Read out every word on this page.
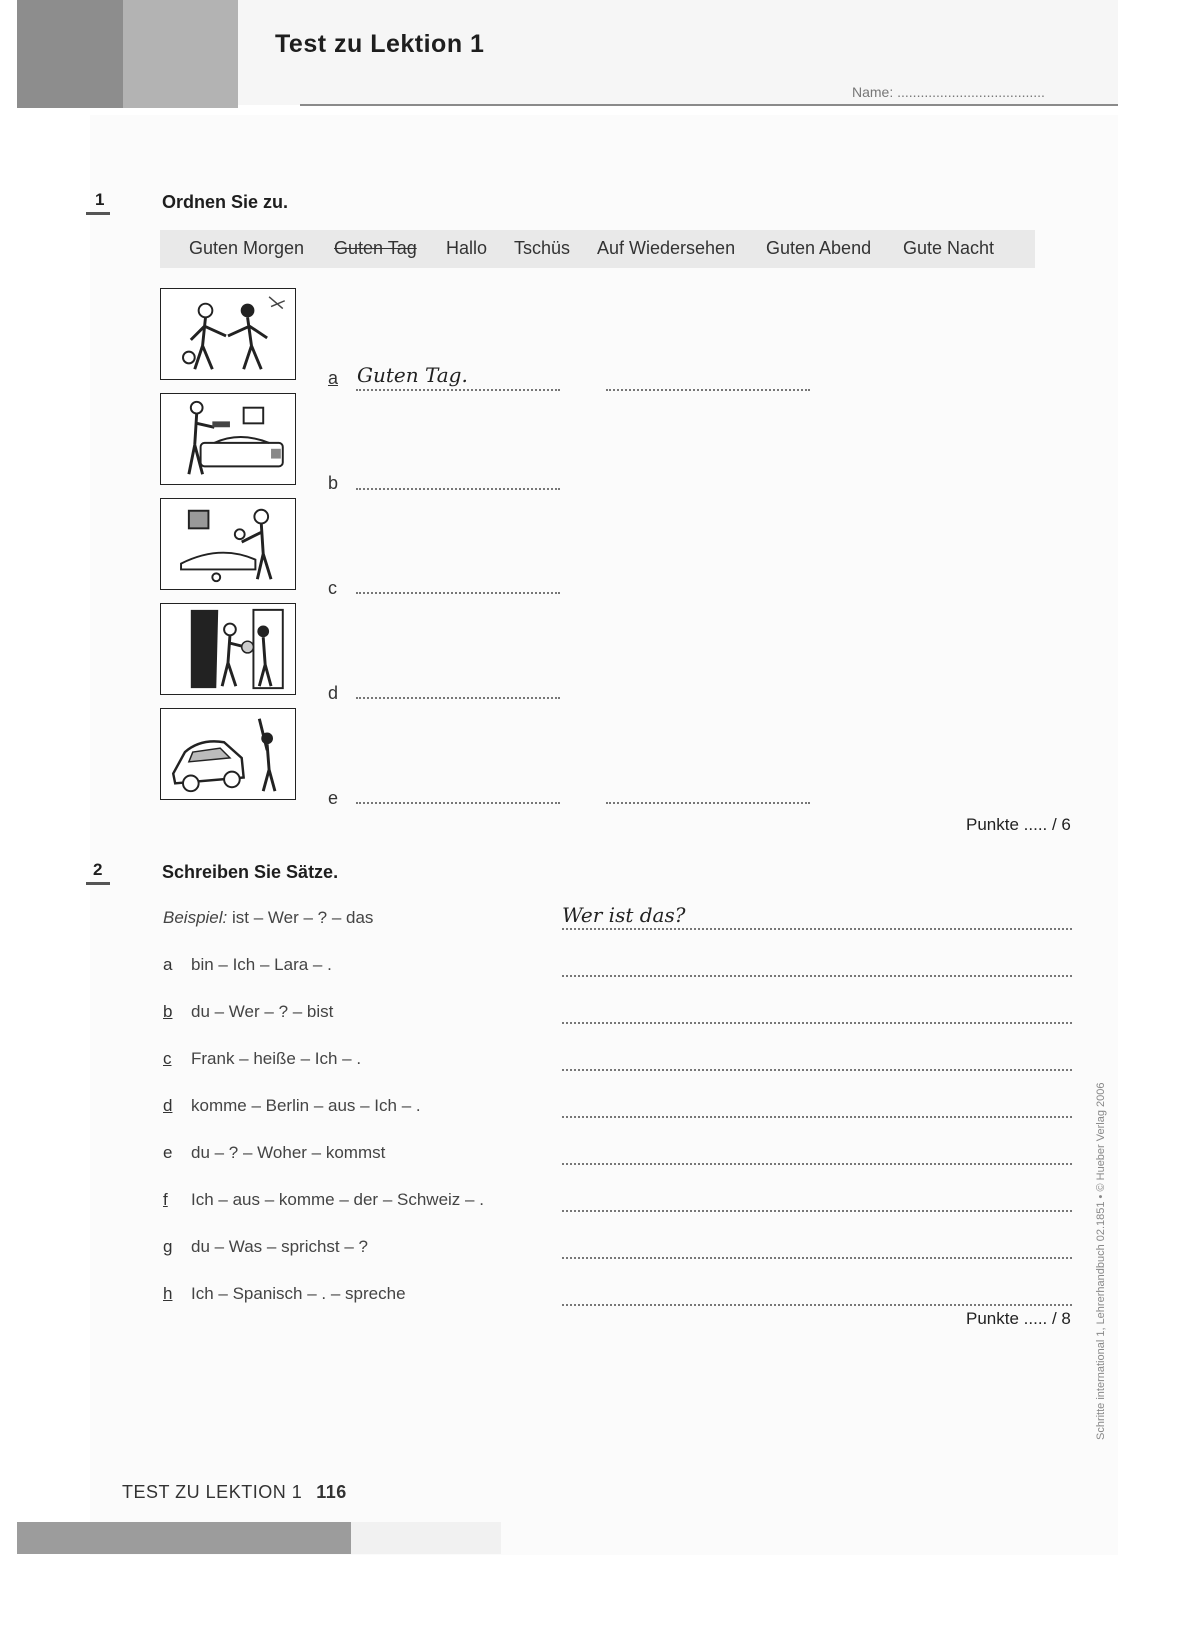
Test zu Lektion 1
Name: ......................................
1	Ordnen Sie zu.
Guten Morgen Guten Tag Hallo Tschüs Auf Wiedersehen Guten Abend Gute Nacht
a Guten Tag.
b
c
d
e
Punkte ..... / 6
2	Schreiben Sie Sätze.
Beispiel: ist – Wer – ? – das	Wer ist das?
a bin – Ich – Lara – .
b du – Wer – ? – bist
c Frank – heiße – Ich – .
d komme – Berlin – aus – Ich – .
e du – ? – Woher – kommst
f Ich – aus – komme – der – Schweiz – .
g du – Was – sprichst – ?
h Ich – Spanisch – . – spreche
Punkte ..... / 8 Schritte international 1, Lehrerhandbuch 02.1851 • © Hueber Verlag 2006
TEST ZU LEKTION 1 116
